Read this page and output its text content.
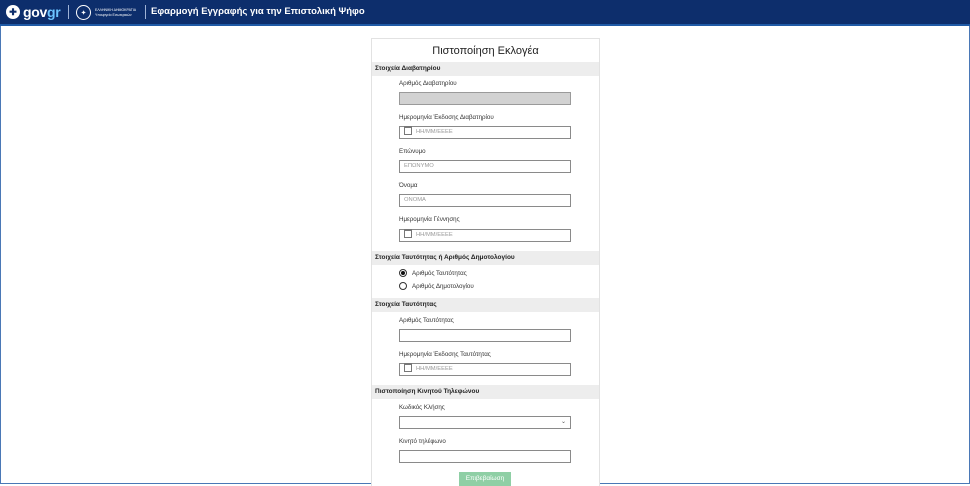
✚ govgr	✦	ΕΛΛΗΝΙΚΗ ΔΗΜΟΚΡΑΤΙΑ
Υπουργείο Εσωτερικών	Εφαρμογή Εγγραφής για την Επιστολική Ψήφο
Πιστοποίηση Εκλογέα
Στοιχεία Διαβατηρίου
Αριθμός Διαβατηρίου
Ημερομηνία Έκδοσης Διαβατηρίου
ΗΗ/ΜΜ/ΕΕΕΕ
Επώνυμο
ΕΠΩΝΥΜΟ
Όνομα
ΟΝΟΜΑ
Ημερομηνία Γέννησης
ΗΗ/ΜΜ/ΕΕΕΕ
Στοιχεία Ταυτότητας ή Αριθμός Δημοτολογίου
Αριθμός Ταυτότητας
Αριθμός Δημοτολογίου
Στοιχεία Ταυτότητας
Αριθμός Ταυτότητας
Ημερομηνία Έκδοσης Ταυτότητας
ΗΗ/ΜΜ/ΕΕΕΕ
Πιστοποίηση Κινητού Τηλεφώνου
Κωδικός Κλήσης
⌄
Κινητό τηλέφωνο
Επιβεβαίωση
